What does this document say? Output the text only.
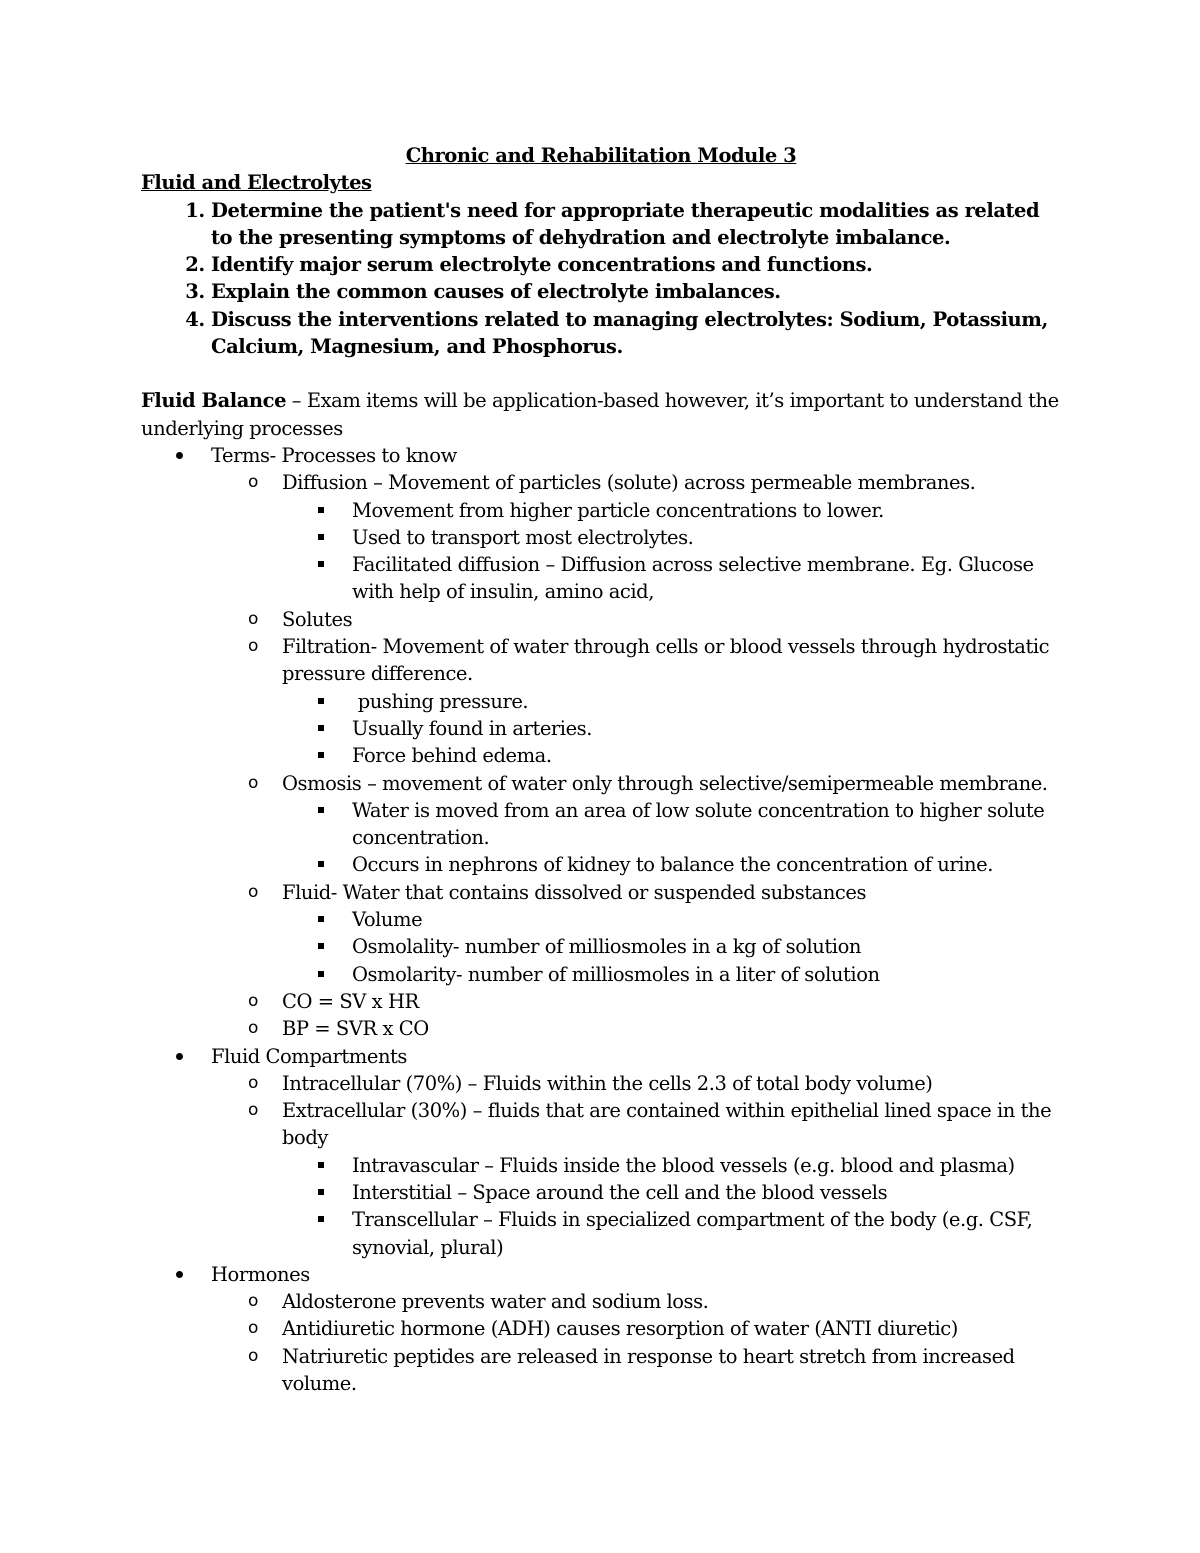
Chronic and Rehabilitation Module 3
Fluid and Electrolytes
1. Determine the patient's need for appropriate therapeutic modalities as related to the presenting symptoms of dehydration and electrolyte imbalance.
2. Identify major serum electrolyte concentrations and functions.
3. Explain the common causes of electrolyte imbalances.
4. Discuss the interventions related to managing electrolytes: Sodium, Potassium, Calcium, Magnesium, and Phosphorus.
Fluid Balance – Exam items will be application-based however, it’s important to understand the underlying processes
Terms- Processes to know
o Diffusion – Movement of particles (solute) across permeable membranes.
Movement from higher particle concentrations to lower.
Used to transport most electrolytes.
Facilitated diffusion – Diffusion across selective membrane. Eg. Glucose with help of insulin, amino acid,
o Solutes
o Filtration- Movement of water through cells or blood vessels through hydrostatic pressure difference.
pushing pressure.
Usually found in arteries.
Force behind edema.
o Osmosis – movement of water only through selective/semipermeable membrane.
Water is moved from an area of low solute concentration to higher solute concentration.
Occurs in nephrons of kidney to balance the concentration of urine.
o Fluid- Water that contains dissolved or suspended substances
Volume
Osmolality- number of milliosmoles in a kg of solution
Osmolarity- number of milliosmoles in a liter of solution
o CO = SV x HR
o BP = SVR x CO
Fluid Compartments
o Intracellular (70%) – Fluids within the cells 2.3 of total body volume)
o Extracellular (30%) – fluids that are contained within epithelial lined space in the body
Intravascular – Fluids inside the blood vessels (e.g. blood and plasma)
Interstitial – Space around the cell and the blood vessels
Transcellular – Fluids in specialized compartment of the body (e.g. CSF, synovial, plural)
Hormones
o Aldosterone prevents water and sodium loss.
o Antidiuretic hormone (ADH) causes resorption of water (ANTI diuretic)
o Natriuretic peptides are released in response to heart stretch from increased volume.
